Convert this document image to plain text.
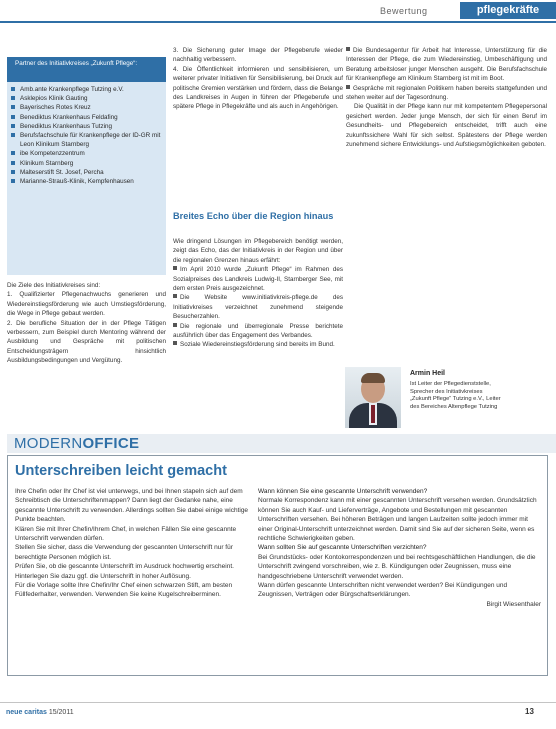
Bewertung	pflegekräfte
Partner des Initiativkreises „Zukunft Pflege“:
Amb.ante Krankenpflege Tutzing e.V.
Asklepios Klinik Gauting
Bayerisches Rotes Kreuz
Benediktus Krankenhaus Feldafing
Benediktus Krankenhaus Tutzing
Berufsfachschule für Krankenpflege der ID-GR mit Leon Klinikum Starnberg
ibe Kompetenzzentrum
Klinikum Starnberg
Malteserstift St. Josef, Percha
Marianne-Strauß-Klinik, Kempfenhausen
Die Ziele des Initiativkreises sind:
1. Qualifizierter Pflegenachwuchs generieren und Wiedereinstiegsförderung wie auch Umstiegsförderung, die Wege in Pflege gebaut werden.
2. Die berufliche Situation der in der Pflege Tätigen verbessern, zum Beispiel durch Mentoring während der Ausbildung und Gespräche mit politischen Entscheidungsträgern hinsichtlich Ausbildungsbedingungen und Vergütung.
3. Die Sicherung guter Image der Pflegeberufe wieder nachhaltig verbessern.
4. Die Öffentlichkeit informieren und sensibilisieren, um weiterer privater Initiativen für Sensibilisierung, bei Druck auf politische Gremien verstärken und fördern, dass die Belange des Landkreises in Augen in führen der Pflegeberufe und spätere Pflege in Pflegekräfte und als auch in Angehörigen.
Breites Echo über die Region hinaus
Wie dringend Lösungen im Pflegebereich benötigt werden, zeigt das Echo, das der Initiativkreis in der Region und über die regionalen Grenzen hinaus erfährt:
Im April 2010 wurde „Zukunft Pflege“ im Rahmen des Sozialpreises des Landkreis Ludwig-II, Starnberger See, mit dem ersten Preis ausgezeichnet.
Die Website www.initiativkreis-pflege.de des Initiativkreises verzeichnet zunehmend steigende Besucherzahlen.
Die regionale und überregionale Presse berichtete ausführlich über das Engagement des Verbandes.
Soziale Wiedereinstiegsförderung sind bereits im Bund.
Die Bundesagentur für Arbeit hat Interesse, Unterstützung für die Interessen der Pflege, die zum Wiedereinstieg, Umbeschäftigung und Beratung arbeitsloser junger Menschen ausgeht. Die Berufsfachschule für Krankenpflege am Klinikum Starnberg ist mit im Boot.
Gespräche mit regionalen Politikern haben bereits stattgefunden und stehen weiter auf der Tagesordnung.
Die Qualität in der Pflege kann nur mit kompetentem Pflegepersonal gesichert werden. Jeder junge Mensch, der sich für einen Beruf im Gesundheits- und Pflegebereich entscheidet, trifft auch eine zukunftssichere Wahl für sich selbst. Spätestens der Pflege werden zunehmend sichere Entwicklungs- und Aufstiegsmöglichkeiten geboten.
Armin Heil
Ist Leiter der Pflegedienststelle, Sprecher des Initiativkreises „Zukunft Pflege“ Tutzing e.V., Leiter des Bereiches Altenpflege Tutzing
MODERNOFFICE
Unterschreiben leicht gemacht
Ihre Chefin oder Ihr Chef ist viel unterwegs, und bei Ihnen stapeln sich auf dem Schreibtisch die Unterschriftenmappen? Dann liegt der Gedanke nahe, eine gescannte Unterschrift zu verwenden. Allerdings sollten Sie dabei einige wichtige Punkte beachten.
Klären Sie mit Ihrer Chefin/Ihrem Chef, in welchen Fällen Sie eine gescannte Unterschrift verwenden dürfen.
Stellen Sie sicher, dass die Verwendung der gescannten Unterschrift nur für berechtigte Personen möglich ist.
Prüfen Sie, ob die gescannte Unterschrift im Ausdruck hochwertig erscheint. Hinterlegen Sie dazu ggf. die Unterschrift in hoher Auflösung.
Für die Vorlage sollte Ihre Chefin/Ihr Chef einen schwarzen Stift, am besten Füllfederhalter, verwenden. Verwenden Sie keine Kugelschreiberminen.
Wann können Sie eine gescannte Unterschrift verwenden?
Normale Korrespondenz kann mit einer gescannten Unterschrift versehen werden. Grundsätzlich können Sie auch Kauf- und Lieferverträge, Angebote und Bestellungen mit gescannten Unterschriften versehen. Bei höheren Beträgen und langen Laufzeiten sollte jedoch immer mit einer Original-Unterschrift unterzeichnet werden. Damit sind Sie auf der sicheren Seite, wenn es rechtliche Schwierigkeiten geben.
Wann sollten Sie auf gescannte Unterschriften verzichten?
Bei Grundstücks- oder Kontokorrespondenzen und bei rechtsgeschäftlichen Handlungen, die die Unterschrift zwingend vorschreiben, wie z. B. Kündigungen oder Zeugnissen, muss eine handgeschriebene Unterschrift verwendet werden.
Wann dürfen gescannte Unterschriften nicht verwendet werden? Bei Kündigungen und Zeugnissen, Verträgen oder Bürgschaftserklärungen.
Birgit Wiesenthaler
neue caritas 15/2011	13
